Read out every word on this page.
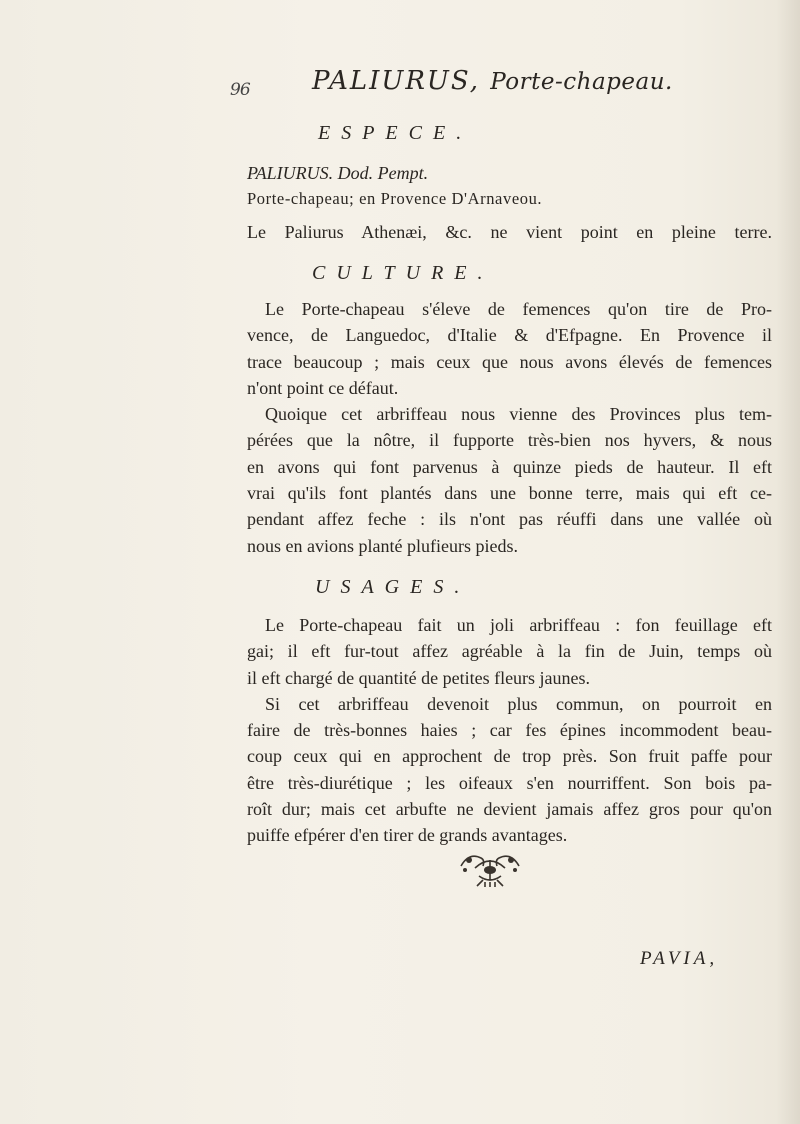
96 PALIURUS, Porte-chapeau.
ESPECE.
PALIURUS. Dod. Pempt.
Porte-chapeau; en Provence D'Arnaveou.
Le Paliurus Athenæi, &c. ne vient point en pleine terre.
CULTURE.
Le Porte-chapeau s'éleve de femences qu'on tire de Pro-
vence, de Languedoc, d'Italie & d'Efpagne. En Provence il
trace beaucoup ; mais ceux que nous avons élevés de femences
n'ont point ce défaut.
Quoique cet arbriffeau nous vienne des Provinces plus tem-
pérées que la nôtre, il fupporte très-bien nos hyvers, & nous
en avons qui font parvenus à quinze pieds de hauteur. Il eft
vrai qu'ils font plantés dans une bonne terre, mais qui eft ce-
pendant affez feche : ils n'ont pas réuffi dans une vallée où
nous en avions planté plufieurs pieds.
USAGES.
Le Porte-chapeau fait un joli arbriffeau : fon feuillage eft
gai; il eft fur-tout affez agréable à la fin de Juin, temps où
il eft chargé de quantité de petites fleurs jaunes.
Si cet arbriffeau devenoit plus commun, on pourroit en
faire de très-bonnes haies ; car fes épines incommodent beau-
coup ceux qui en approchent de trop près. Son fruit paffe pour
être très-diurétique ; les oifeaux s'en nourriffent. Son bois pa-
roît dur; mais cet arbufte ne devient jamais affez gros pour qu'on
puiffe efpérer d'en tirer de grands avantages.
PAVIA,
